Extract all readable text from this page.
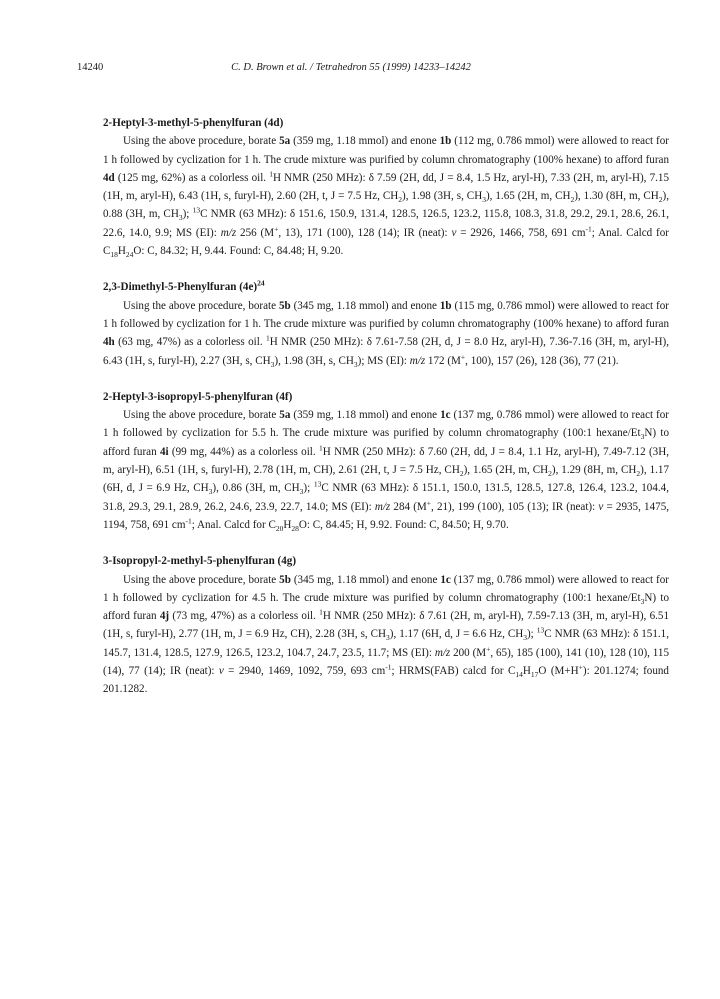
14240	C. D. Brown et al. / Tetrahedron 55 (1999) 14233–14242

2-Heptyl-3-methyl-5-phenylfuran (4d)

Using the above procedure, borate 5a (359 mg, 1.18 mmol) and enone 1b (112 mg, 0.786 mmol) were allowed to react for 1 h followed by cyclization for 1 h. The crude mixture was purified by column chromatography (100% hexane) to afford furan 4d (125 mg, 62%) as a colorless oil. $^1$H NMR (250 MHz): δ 7.59 (2H, dd, J = 8.4, 1.5 Hz, aryl-H), 7.33 (2H, m, aryl-H), 7.15 (1H, m, aryl-H), 6.43 (1H, s, furyl-H), 2.60 (2H, t, J = 7.5 Hz, $CH_2$), 1.98 (3H, s, $CH_3$), 1.65 (2H, m, $CH_2$), 1.30 (8H, m, $CH_2$), 0.88 (3H, m, $CH_3$); $^{13}$C NMR (63 MHz): δ 151.6, 150.9, 131.4, 128.5, 126.5, 123.2, 115.8, 108.3, 31.8, 29.2, 29.1, 28.6, 26.1, 22.6, 14.0, 9.9; MS (EI): m/z 256 (M+, 13), 171 (100), 128 (14); IR (neat): v = 2926, 1466, 758, 691 $cm^{-1}$; Anal. Calcd for $C_{18}H_{24}O$: C, 84.32; H, 9.44. Found: C, 84.48; H, 9.20.

2,3-Dimethyl-5-Phenylfuran $(4e)^{24}$

Using the above procedure, borate 5b (345 mg, 1.18 mmol) and enone 1b (115 mg, 0.786 mmol) were allowed to react for 1 h followed by cyclization for 1 h. The crude mixture was purified by column chromatography (100% hexane) to afford furan 4h (63 mg, 47%) as a colorless oil. $^1$H NMR (250 MHz): δ 7.61-7.58 (2H, d, J = 8.0 Hz, aryl-H), 7.36-7.16 (3H, m, aryl-H), 6.43 (1H, s, furyl-H), 2.27 (3H, s, $CH_3$), 1.98 (3H, s, $CH_3$); MS (EI): m/z 172 (M+, 100), 157 (26), 128 (36), 77 (21).

2-Heptyl-3-isopropyl-5-phenylfuran (4f)

Using the above procedure, borate 5a (359 mg, 1.18 mmol) and enone 1c (137 mg, 0.786 mmol) were allowed to react for 1 h followed by cyclization for 5.5 h. The crude mixture was purified by column chromatography (100:1 hexane/$Et_3N$) to afford furan 4i (99 mg, 44%) as a colorless oil. $^1$H NMR (250 MHz): δ 7.60 (2H, dd, J = 8.4, 1.1 Hz, aryl-H), 7.49-7.12 (3H, m, aryl-H), 6.51 (1H, s, furyl-H), 2.78 (1H, m, CH), 2.61 (2H, t, J = 7.5 Hz, $CH_2$), 1.65 (2H, m, $CH_2$), 1.29 (8H, m, $CH_2$), 1.17 (6H, d, J = 6.9 Hz, $CH_3$), 0.86 (3H, m, $CH_3$); $^{13}$C NMR (63 MHz): δ 151.1, 150.0, 131.5, 128.5, 127.8, 126.4, 123.2, 104.4, 31.8, 29.3, 29.1, 28.9, 26.2, 24.6, 23.9, 22.7, 14.0; MS (EI): m/z 284 (M+, 21), 199 (100), 105 (13); IR (neat): v = 2935, 1475, 1194, 758, 691 $cm^{-1}$; Anal. Calcd for $C_{20}H_{28}O$: C, 84.45; H, 9.92. Found: C, 84.50; H, 9.70.

3-Isopropyl-2-methyl-5-phenylfuran (4g)

Using the above procedure, borate 5b (345 mg, 1.18 mmol) and enone 1c (137 mg, 0.786 mmol) were allowed to react for 1 h followed by cyclization for 4.5 h. The crude mixture was purified by column chromatography (100:1 hexane/$Et_3N$) to afford furan 4j (73 mg, 47%) as a colorless oil. $^1$H NMR (250 MHz): δ 7.61 (2H, m, aryl-H), 7.59-7.13 (3H, m, aryl-H), 6.51 (1H, s, furyl-H), 2.77 (1H, m, J = 6.9 Hz, CH), 2.28 (3H, s, $CH_3$), 1.17 (6H, d, J = 6.6 Hz, $CH_3$); $^{13}$C NMR (63 MHz): δ 151.1, 145.7, 131.4, 128.5, 127.9, 126.5, 123.2, 104.7, 24.7, 23.5, 11.7; MS (EI): m/z 200 (M+, 65), 185 (100), 141 (10), 128 (10), 115 (14), 77 (14); IR (neat): v = 2940, 1469, 1092, 759, 693 $cm^{-1}$; HRMS(FAB) calcd for $C_{14}H_{17}O$ (M+H+): 201.1274; found 201.1282.
